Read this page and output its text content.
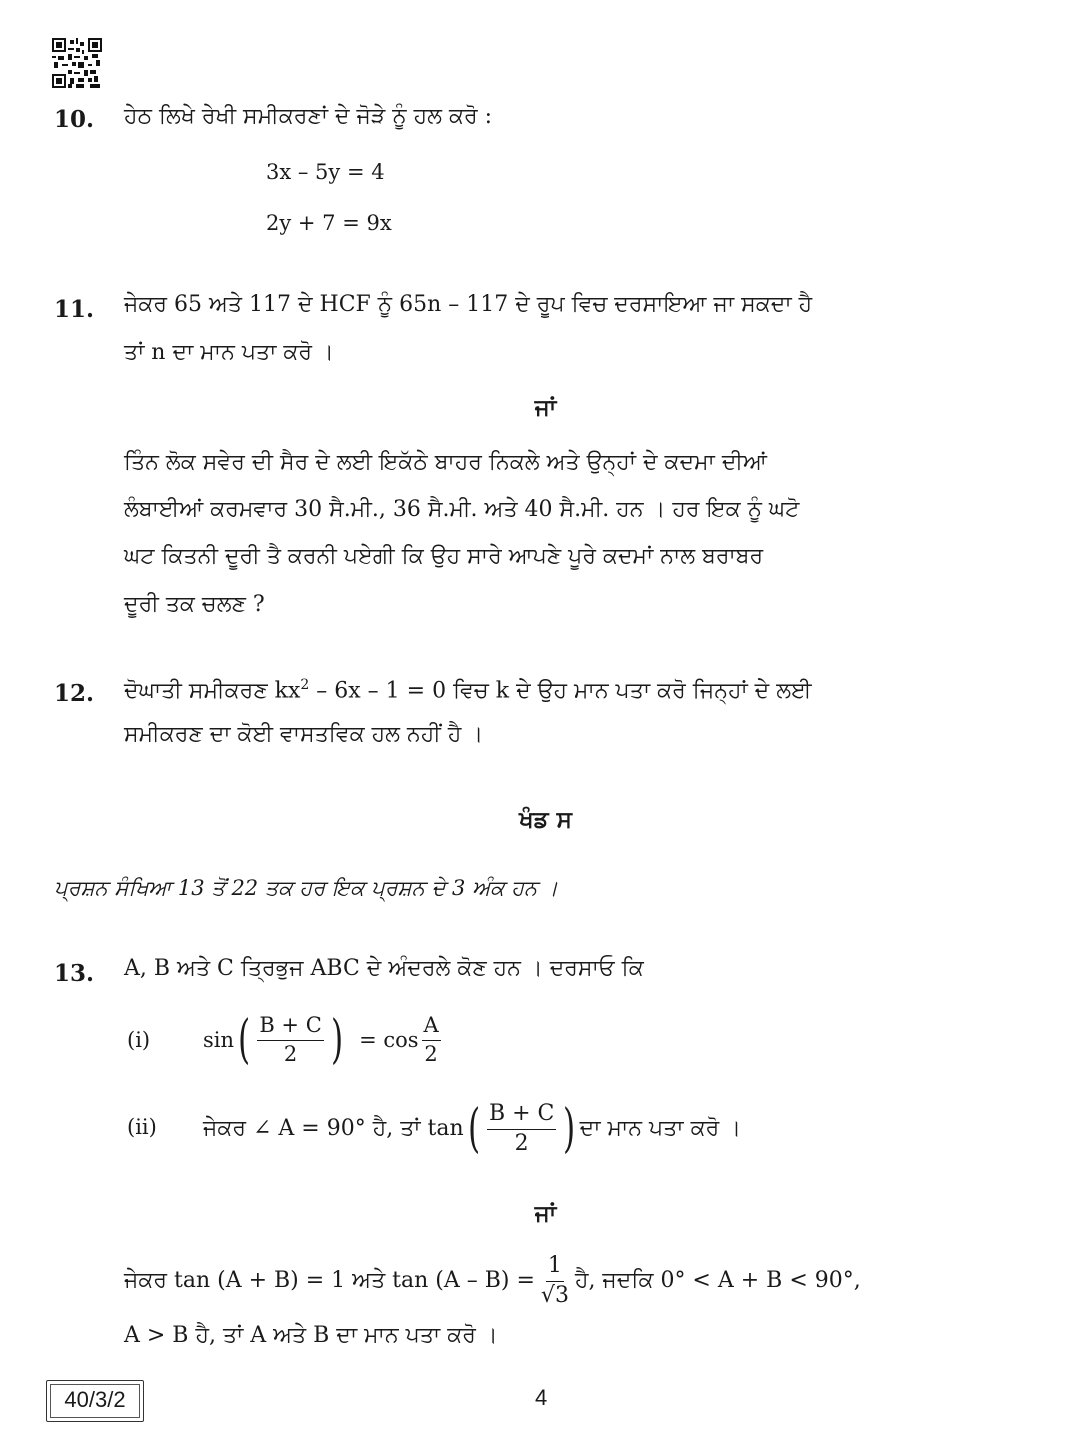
10. ਹੇਠ ਲਿਖੇ ਰੇਖੀ ਸਮੀਕਰਣਾਂ ਦੇ ਜੋੜੇ ਨੂੰ ਹਲ ਕਰੋ :
3x – 5y = 4
2y + 7 = 9x
11. ਜੇਕਰ 65 ਅਤੇ 117 ਦੇ HCF ਨੂੰ 65n – 117 ਦੇ ਰੂਪ ਵਿਚ ਦਰਸਾਇਆ ਜਾ ਸਕਦਾ ਹੈ
ਤਾਂ n ਦਾ ਮਾਨ ਪਤਾ ਕਰੋ ।
ਜਾਂ
ਤਿੰਨ ਲੋਕ ਸਵੇਰ ਦੀ ਸੈਰ ਦੇ ਲਈ ਇਕੱਠੇ ਬਾਹਰ ਨਿਕਲੇ ਅਤੇ ਉਨ੍ਹਾਂ ਦੇ ਕਦਮਾ ਦੀਆਂ
ਲੰਬਾਈਆਂ ਕਰਮਵਾਰ 30 ਸੈ.ਮੀ., 36 ਸੈ.ਮੀ. ਅਤੇ 40 ਸੈ.ਮੀ. ਹਨ । ਹਰ ਇਕ ਨੂੰ ਘਟੋ
ਘਟ ਕਿਤਨੀ ਦੂਰੀ ਤੈ ਕਰਨੀ ਪਏਗੀ ਕਿ ਉਹ ਸਾਰੇ ਆਪਣੇ ਪੂਰੇ ਕਦਮਾਂ ਨਾਲ ਬਰਾਬਰ
ਦੂਰੀ ਤਕ ਚਲਣ ?
12. ਦੋਘਾਤੀ ਸਮੀਕਰਣ $kx^2 - 6x - 1 = 0$ ਵਿਚ k ਦੇ ਉਹ ਮਾਨ ਪਤਾ ਕਰੋ ਜਿਨ੍ਹਾਂ ਦੇ ਲਈ
ਸਮੀਕਰਣ ਦਾ ਕੋਈ ਵਾਸਤਵਿਕ ਹਲ ਨਹੀਂ ਹੈ ।
ਖੰਡ ਸ
ਪ੍ਰਸ਼ਨ ਸੰਖਿਆ 13 ਤੋਂ 22 ਤਕ ਹਰ ਇਕ ਪ੍ਰਸ਼ਨ ਦੇ 3 ਅੰਕ ਹਨ ।
13. A, B ਅਤੇ C ਤ੍ਰਿਭੁਜ ABC ਦੇ ਅੰਦਰਲੇ ਕੋਣ ਹਨ । ਦਰਸਾਓ ਕਿ
(i)	sin ( $\frac{B + C}{2}$ ) = $\cos \frac{A}{2}$
(ii) ਜੇਕਰ ∠ A = 90° ਹੈ, ਤਾਂ tan ( $\frac{B + C}{2}$ ) ਦਾ ਮਾਨ ਪਤਾ ਕਰੋ ।
ਜਾਂ
ਜੇਕਰ tan (A + B) = 1 ਅਤੇ $\tan (A - B) = \frac{1}{√3}$ ਹੈ, ਜਦਕਿ 0° < A + B < 90°,
A > B ਹੈ, ਤਾਂ A ਅਤੇ B ਦਾ ਮਾਨ ਪਤਾ ਕਰੋ ।
40/3/2	4
